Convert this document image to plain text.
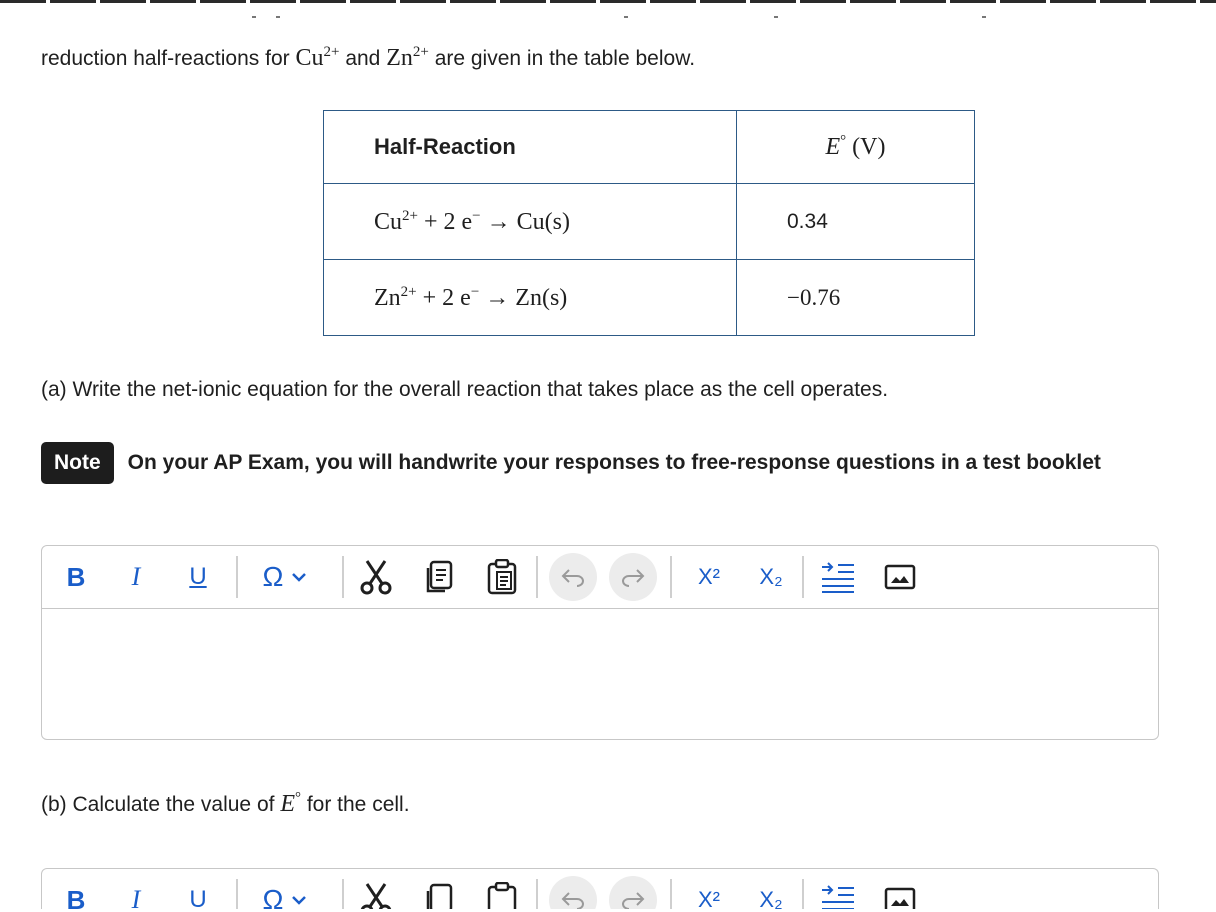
reduction half-reactions for $Cu^{2+}$ and $Zn^{2+}$ are given in the table below.
Half-Reaction	E° (V)
$Cu^{2+} + 2$ e− → Cu(s)	0.34
$Zn^{2+} + 2$ e− → Zn(s)	−0.76
(a) Write the net-ionic equation for the overall reaction that takes place as the cell operates.
Note On your AP Exam, you will handwrite your responses to free-response questions in a test booklet
B	I	U	Ω	X²	X₂
(b) Calculate the value of E° for the cell.
B	I	U	Ω	X²	X₂
